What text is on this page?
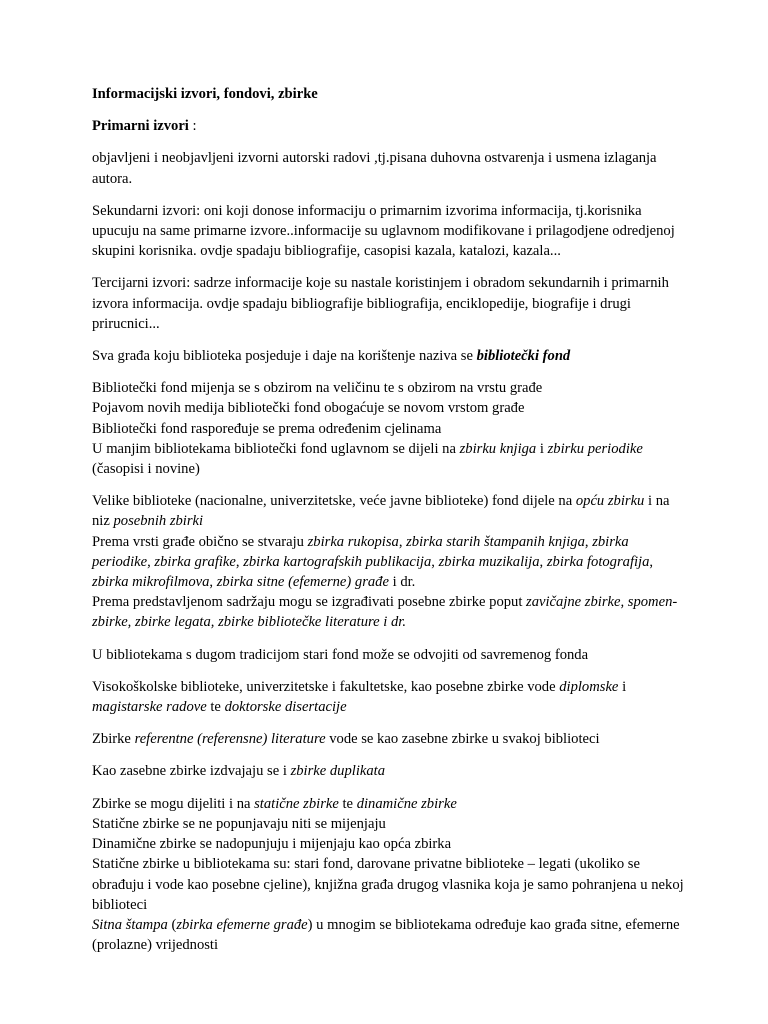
Informacijski izvori, fondovi, zbirke

Primarni izvori :

objavljeni i neobjavljeni izvorni autorski radovi ,tj.pisana duhovna ostvarenja i usmena izlaganja autora.

Sekundarni izvori: oni koji donose informaciju o primarnim izvorima informacija, tj.korisnika upucuju na same primarne izvore..informacije su uglavnom modifikovane i prilagodjene odredjenoj skupini korisnika. ovdje spadaju bibliografije, casopisi kazala, katalozi, kazala...

Tercijarni izvori: sadrze informacije koje su nastale koristinjem i obradom sekundarnih i primarnih izvora informacija. ovdje spadaju bibliografije bibliografija, enciklopedije, biografije i drugi prirucnici...

Sva građa koju biblioteka posjeduje i daje na korištenje naziva se bibliotečki fond

Bibliotečki fond mijenja se s obzirom na veličinu te s obzirom na vrstu građe
Pojavom novih medija bibliotečki fond obogaćuje se novom vrstom građe
Bibliotečki fond raspoređuje se prema određenim cjelinama
U manjim bibliotekama bibliotečki fond uglavnom se dijeli na zbirku knjiga i zbirku periodike (časopisi i novine)

Velike biblioteke (nacionalne, univerzitetske, veće javne biblioteke) fond dijele na opću zbirku i na niz posebnih zbirki
Prema vrsti građe obično se stvaraju zbirka rukopisa, zbirka starih štampanih knjiga, zbirka periodike, zbirka grafike, zbirka kartografskih publikacija, zbirka muzikalija, zbirka fotografija, zbirka mikrofilmova, zbirka sitne (efemerne) građe i dr.
Prema predstavljenom sadržaju mogu se izgrađivati posebne zbirke poput zavičajne zbirke, spomen-zbirke, zbirke legata, zbirke bibliotečke literature i dr.

U bibliotekama s dugom tradicijom stari fond može se odvojiti od savremenog fonda

Visokoškolske biblioteke, univerzitetske i fakultetske, kao posebne zbirke vode diplomske i magistarske radove te doktorske disertacije

Zbirke referentne (referensne) literature vode se kao zasebne zbirke u svakoj biblioteci

Kao zasebne zbirke izdvajaju se i zbirke duplikata

Zbirke se mogu dijeliti i na statične zbirke te dinamične zbirke
Statične zbirke se ne popunjavaju niti se mijenjaju
Dinamične zbirke se nadopunjuju i mijenjaju kao opća zbirka
Statične zbirke u bibliotekama su: stari fond, darovane privatne biblioteke – legati (ukoliko se obrađuju i vode kao posebne cjeline), knjižna građa drugog vlasnika koja je samo pohranjena u nekoj biblioteci
Sitna štampa (zbirka efemerne građe) u mnogim se bibliotekama određuje kao građa sitne, efemerne (prolazne) vrijednosti
